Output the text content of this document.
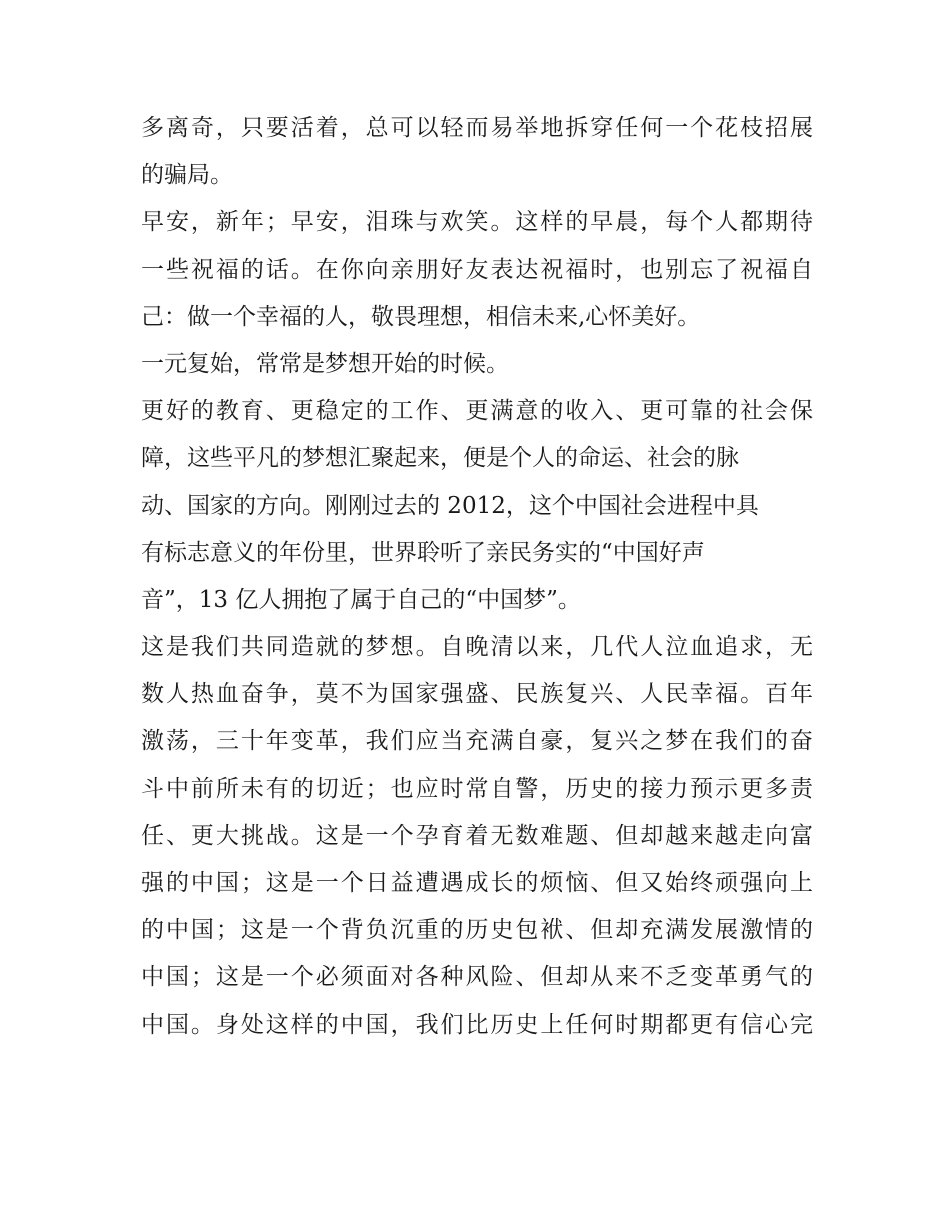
多离奇，只要活着，总可以轻而易举地拆穿任何一个花枝招展
的骗局。
早安，新年；早安，泪珠与欢笑。这样的早晨，每个人都期待
一些祝福的话。在你向亲朋好友表达祝福时，也别忘了祝福自
己：做一个幸福的人，敬畏理想，相信未来,心怀美好。
一元复始，常常是梦想开始的时候。
更好的教育、更稳定的工作、更满意的收入、更可靠的社会保
障，这些平凡的梦想汇聚起来，便是个人的命运、社会的脉
动、国家的方向。刚刚过去的 2012，这个中国社会进程中具
有标志意义的年份里，世界聆听了亲民务实的“中国好声
音”，13 亿人拥抱了属于自己的“中国梦”。
这是我们共同造就的梦想。自晚清以来，几代人泣血追求，无
数人热血奋争，莫不为国家强盛、民族复兴、人民幸福。百年
激荡，三十年变革，我们应当充满自豪，复兴之梦在我们的奋
斗中前所未有的切近；也应时常自警，历史的接力预示更多责
任、更大挑战。这是一个孕育着无数难题、但却越来越走向富
强的中国；这是一个日益遭遇成长的烦恼、但又始终顽强向上
的中国；这是一个背负沉重的历史包袱、但却充满发展激情的
中国；这是一个必须面对各种风险、但却从来不乏变革勇气的
中国。身处这样的中国，我们比历史上任何时期都更有信心完
